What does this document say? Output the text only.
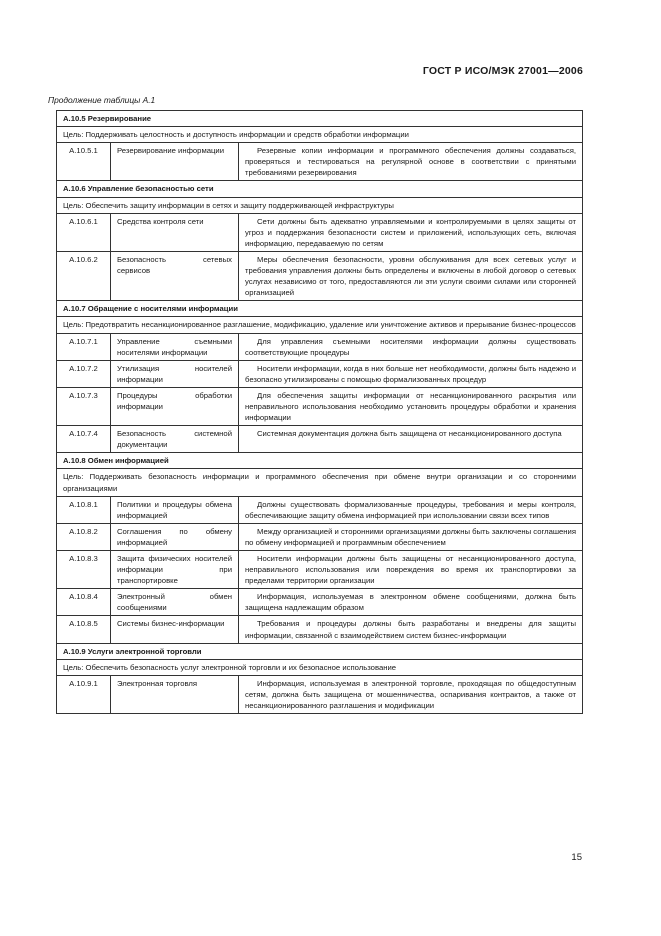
ГОСТ Р ИСО/МЭК 27001—2006
Продолжение таблицы А.1
А.10.5 Резервирование		
Цель: Поддерживать целостность и доступность информации и средств обработки информации		
А.10.5.1	Резервирование информации	Резервные копии информации и программного обеспечения должны создаваться, проверяться и тестироваться на регулярной основе в соответствии с принятыми требованиями резервирования
А.10.6 Управление безопасностью сети		
Цель: Обеспечить защиту информации в сетях и защиту поддерживающей инфраструктуры		
А.10.6.1	Средства контроля сети	Сети должны быть адекватно управляемыми и контролируемыми в целях защиты от угроз и поддержания безопасности систем и приложений, использующих сеть, включая информацию, передаваемую по сетям
А.10.6.2	Безопасность сетевых сервисов	Меры обеспечения безопасности, уровни обслуживания для всех сетевых услуг и требования управления должны быть определены и включены в любой договор о сетевых услугах независимо от того, предоставляются ли эти услуги своими силами или сторонней организацией
А.10.7 Обращение с носителями информации		
Цель: Предотвратить несанкционированное разглашение, модификацию, удаление или уничтожение активов и прерывание бизнес-процессов		
А.10.7.1	Управление съемными носителями информации	Для управления съемными носителями информации должны существовать соответствующие процедуры
А.10.7.2	Утилизация носителей информации	Носители информации, когда в них больше нет необходимости, должны быть надежно и безопасно утилизированы с помощью формализованных процедур
А.10.7.3	Процедуры обработки информации	Для обеспечения защиты информации от несанкционированного раскрытия или неправильного использования необходимо установить процедуры обработки и хранения информации
А.10.7.4	Безопасность системной документации	Системная документация должна быть защищена от несанкционированного доступа
А.10.8 Обмен информацией		
Цель: Поддерживать безопасность информации и программного обеспечения при обмене внутри организации и со сторонними организациями		
А.10.8.1	Политики и процедуры обмена информацией	Должны существовать формализованные процедуры, требования и меры контроля, обеспечивающие защиту обмена информацией при использовании связи всех типов
А.10.8.2	Соглашения по обмену информацией	Между организацией и сторонними организациями должны быть заключены соглашения по обмену информацией и программным обеспечением
А.10.8.3	Защита физических носителей информации при транспортировке	Носители информации должны быть защищены от несанкционированного доступа, неправильного использования или повреждения во время их транспортировки за пределами территории организации
А.10.8.4	Электронный обмен сообщениями	Информация, используемая в электронном обмене сообщениями, должна быть защищена надлежащим образом
А.10.8.5	Системы бизнес-информации	Требования и процедуры должны быть разработаны и внедрены для защиты информации, связанной с взаимодействием систем бизнес-информации
А.10.9 Услуги электронной торговли		
Цель: Обеспечить безопасность услуг электронной торговли и их безопасное использование		
А.10.9.1	Электронная торговля	Информация, используемая в электронной торговле, проходящая по общедоступным сетям, должна быть защищена от мошенничества, оспаривания контрактов, а также от несанкционированного разглашения и модификации
15
